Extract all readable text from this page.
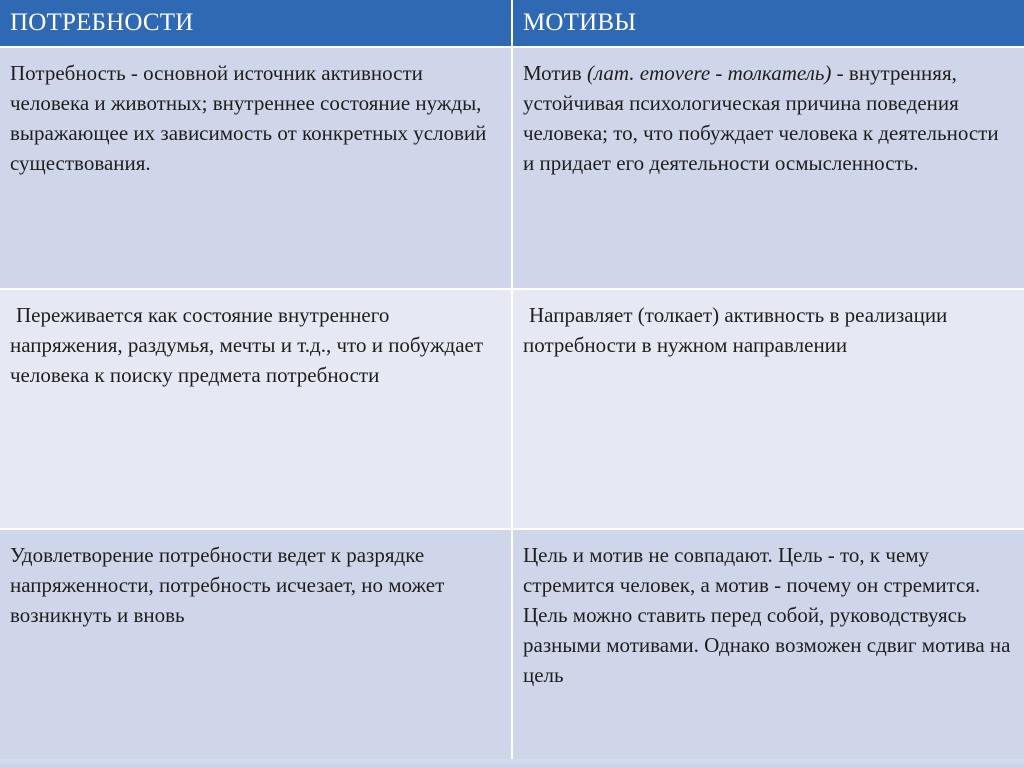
ПОТРЕБНОСТИ	МОТИВЫ

Потребность - основной источник активности человека и животных; внутреннее состояние нужды, выражающее их зависимость от конкретных условий существования.	Мотив (лат. emovere - толкатель) - внутренняя, устойчивая психологическая причина поведения человека; то, что побуждает человека к деятельности и придает его деятельности осмысленность.

Переживается как состояние внутреннего напряжения, раздумья, мечты и т.д., что и побуждает человека к поиску предмета потребности	Направляет (толкает) активность в реализации потребности в нужном направлении

Удовлетворение потребности ведет к разрядке напряженности, потребность исчезает, но может возникнуть и вновь	Цель и мотив не совпадают. Цель - то, к чему стремится человек, а мотив - почему он стремится. Цель можно ставить перед собой, руководствуясь разными мотивами. Однако возможен сдвиг мотива на цель
